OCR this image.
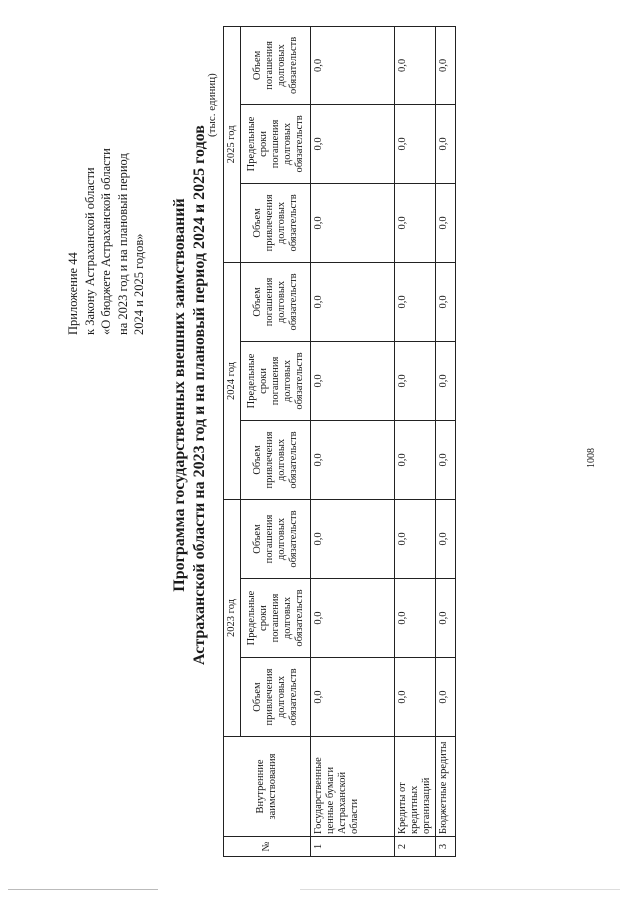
1008
Приложение 44 к Закону Астраханской области «О бюджете Астраханской области на 2023 год и на плановый период 2024 и 2025 годов» Программа государственных внешних заимствований Астраханской области на 2023 год и на плановый период 2024 и 2025 годов
(тыс. единиц)
№	Внутренние заимствования	2023 год			2024 год			2025 год		
		Объем привлечения долговых обязательств	Предельные сроки погашения долговых обязательств	Объем погашения долговых обязательств	Объем привлечения долговых обязательств	Предельные сроки погашения долговых обязательств	Объем погашения долговых обязательств	Объем привлечения долговых обязательств	Предельные сроки погашения долговых обязательств	Объем погашения долговых обязательств
1	Государственные ценные бумаги Астраханской области	0,0	0,0	0,0	0,0	0,0	0,0	0,0	0,0	0,0
2	Кредиты от кредитных организаций	0,0	0,0	0,0	0,0	0,0	0,0	0,0	0,0	0,0
3	Бюджетные кредиты	0,0	0,0	0,0	0,0	0,0	0,0	0,0	0,0	0,0
